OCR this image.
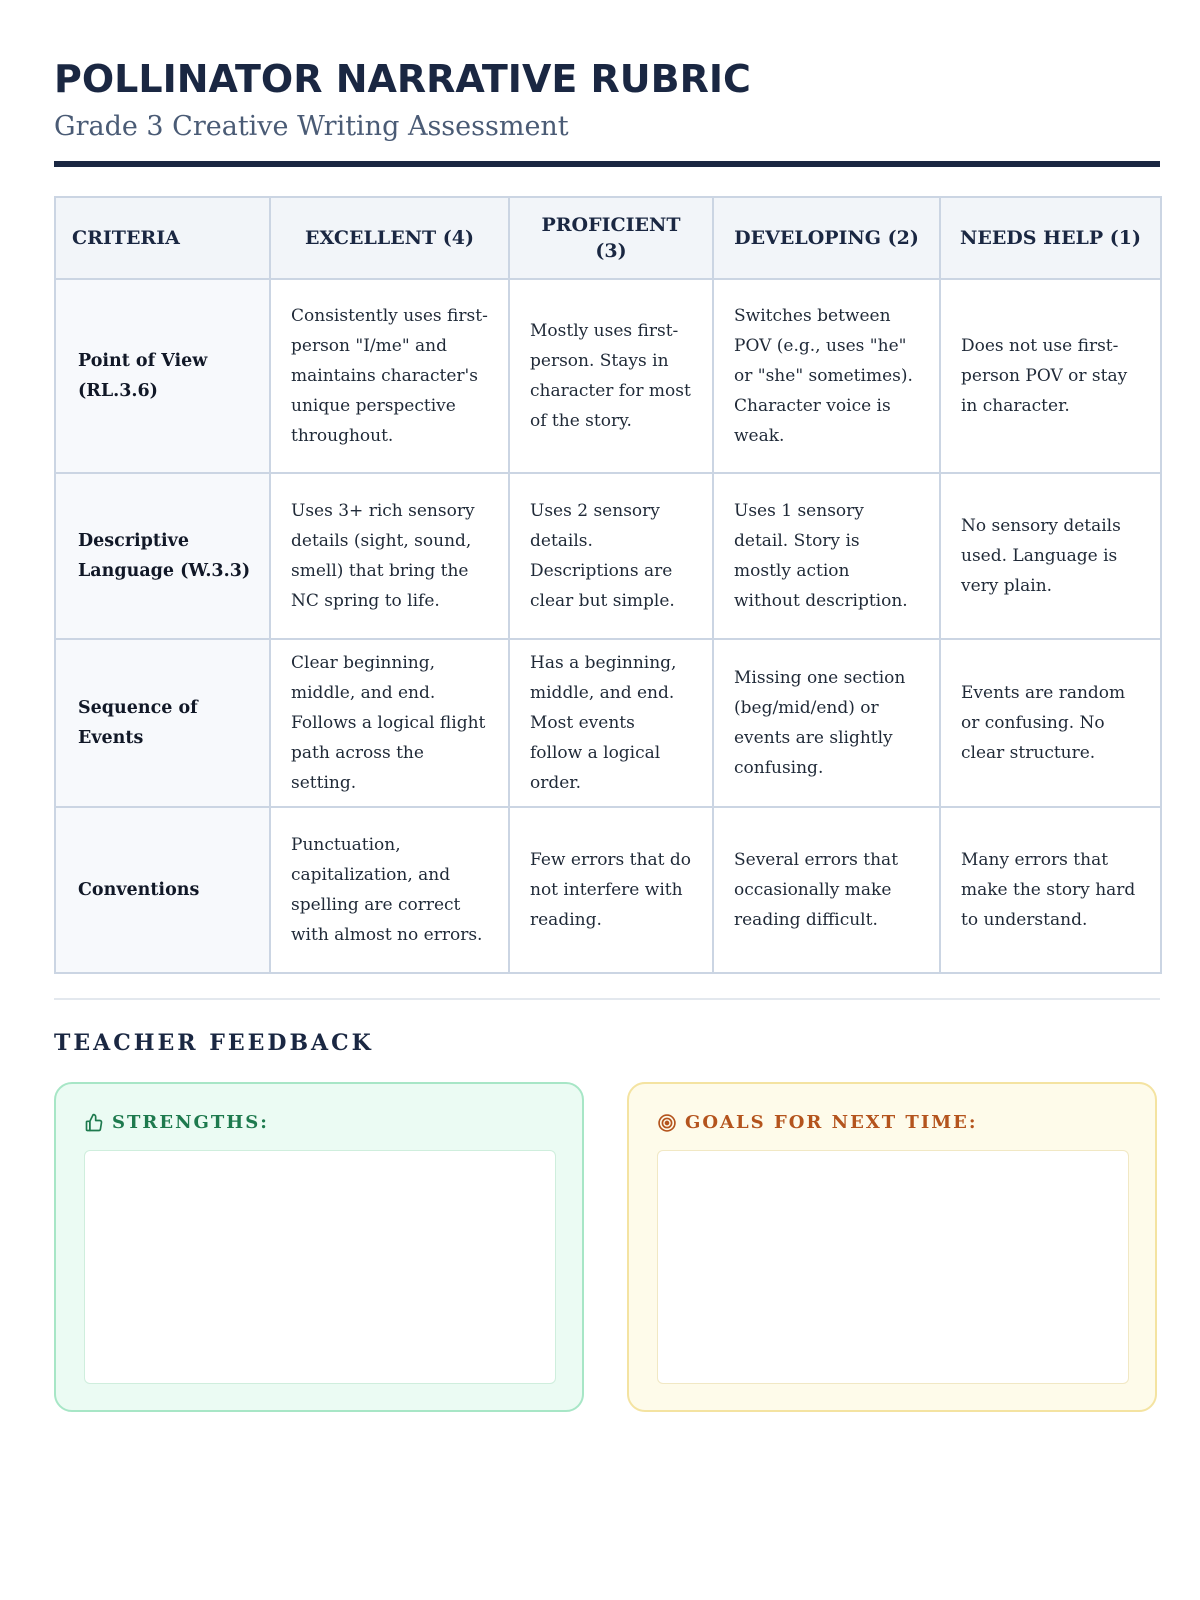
POLLINATOR NARRATIVE RUBRIC
Grade 3 Creative Writing Assessment
CRITERIA	EXCELLENT (4)	PROFICIENT (3)	DEVELOPING (2)	NEEDS HELP (1)
Point of View (RL.3.6)	Consistently uses first-person "I/me" and maintains character's unique perspective throughout.	Mostly uses first-person. Stays in character for most of the story.	Switches between POV (e.g., uses "he" or "she" sometimes). Character voice is weak.	Does not use first-person POV or stay in character.
Descriptive Language (W.3.3)	Uses 3+ rich sensory details (sight, sound, smell) that bring the NC spring to life.	Uses 2 sensory details. Descriptions are clear but simple.	Uses 1 sensory detail. Story is mostly action without description.	No sensory details used. Language is very plain.
Sequence of Events	Clear beginning, middle, and end. Follows a logical flight path across the setting.	Has a beginning, middle, and end. Most events follow a logical order.	Missing one section (beg/mid/end) or events are slightly confusing.	Events are random or confusing. No clear structure.
Conventions	Punctuation, capitalization, and spelling are correct with almost no errors.	Few errors that do not interfere with reading.	Several errors that occasionally make reading difficult.	Many errors that make the story hard to understand.
TEACHER FEEDBACK
STRENGTHS:	GOALS FOR NEXT TIME:
